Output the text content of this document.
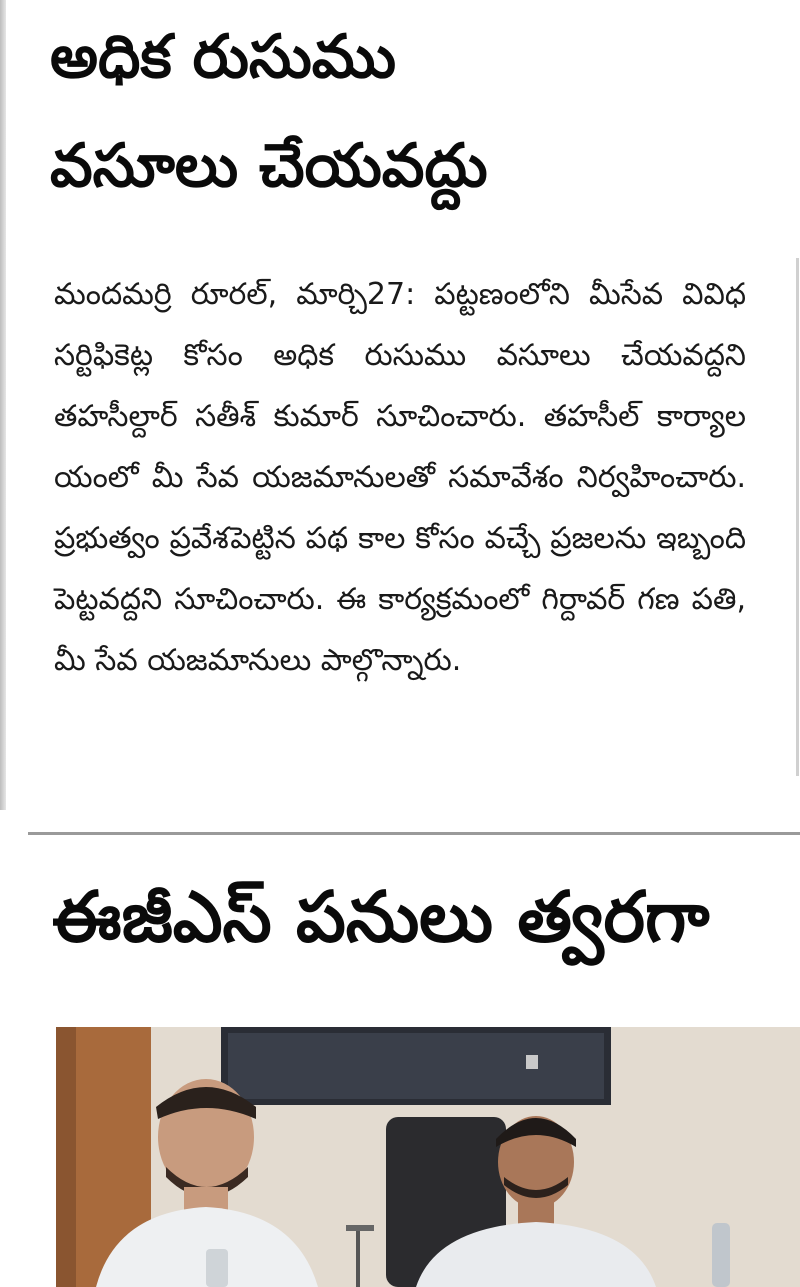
అధిక రుసుము
వసూలు చేయవద్దు

మందమర్రి రూరల్, మార్చి27: పట్టణంలోని మీసేవ వివిధ సర్టిఫికెట్ల కోసం అధిక రుసుము వసూలు చేయవద్దని తహసీల్దార్ సతీశ్ కుమార్ సూచించారు. తహసీల్ కార్యాల యంలో మీ సేవ యజమానులతో సమావేశం నిర్వహించారు. ప్రభుత్వం ప్రవేశపెట్టిన పథ కాల కోసం వచ్చే ప్రజలను ఇబ్బంది పెట్టవద్దని సూచించారు. ఈ కార్యక్రమంలో గిర్దావర్ గణ పతి, మీ సేవ యజమానులు పాల్గొన్నారు.

ఈజీఎస్ పనులు త్వరగా
